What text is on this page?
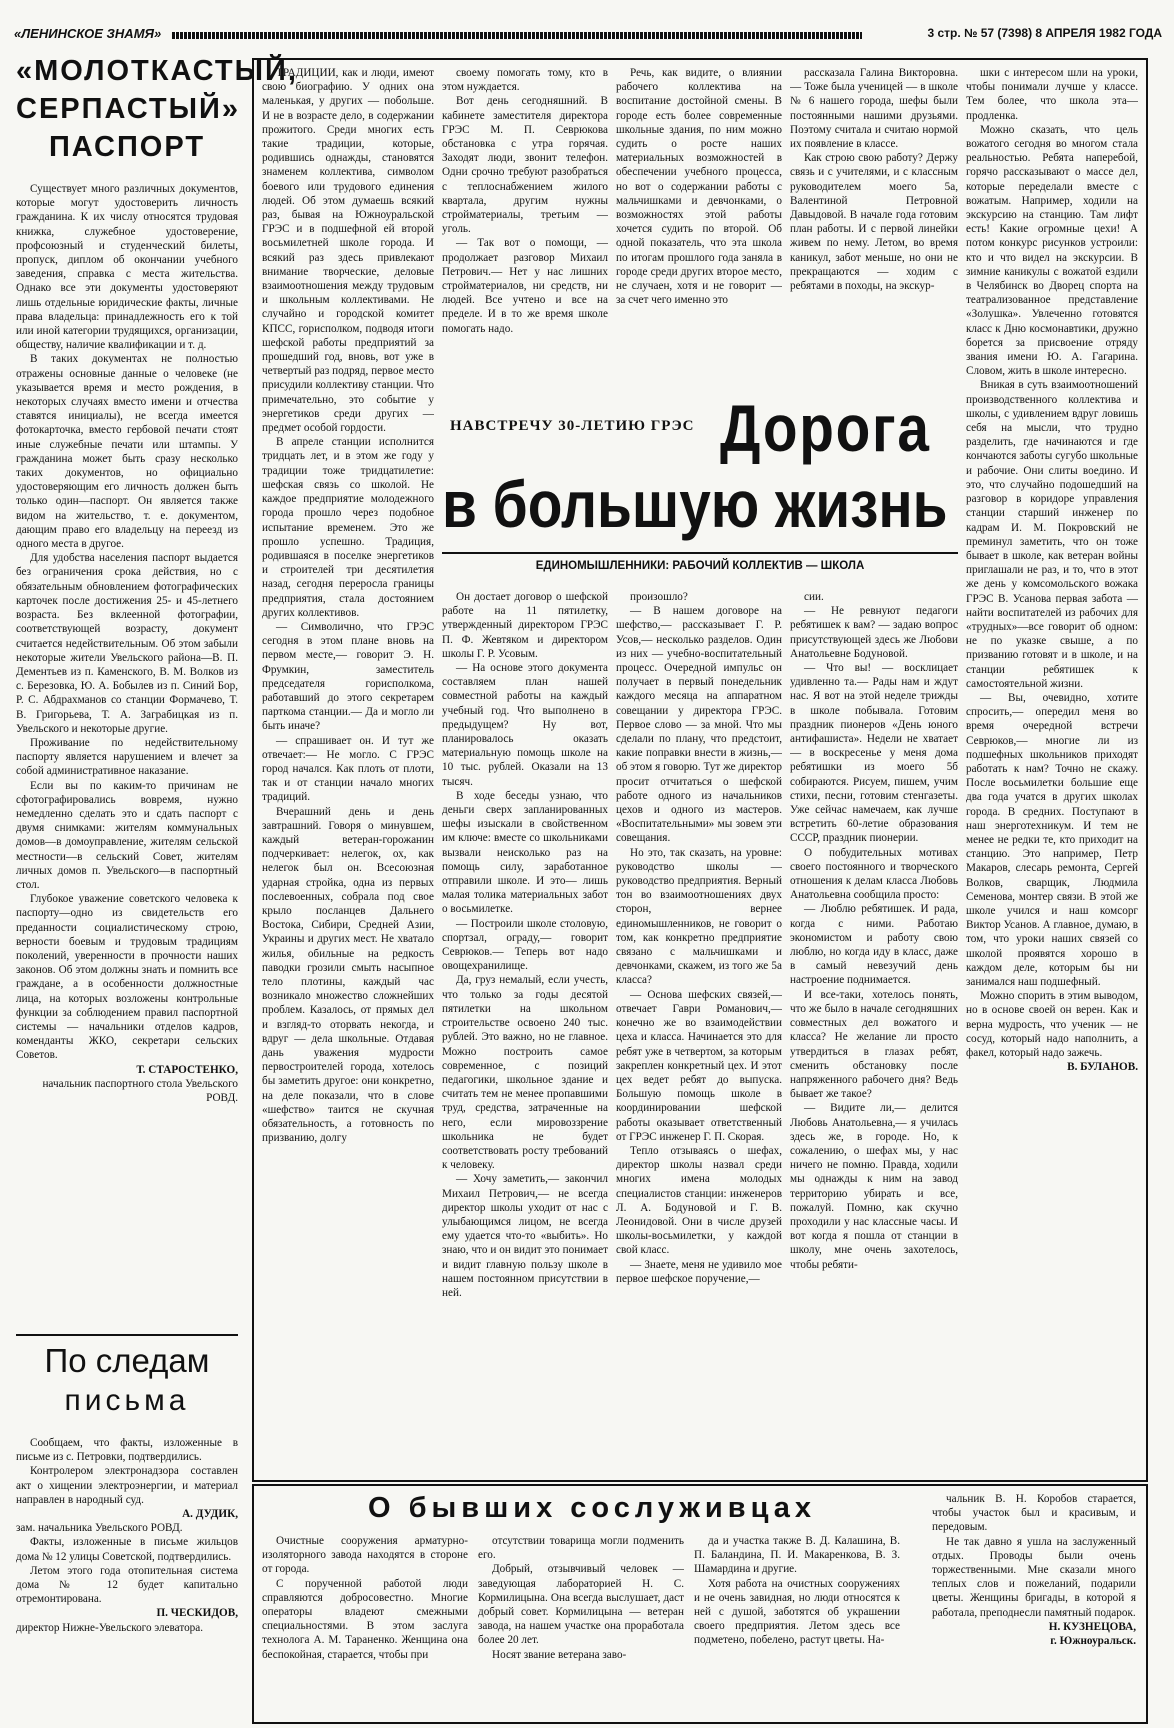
«ЛЕНИНСКОЕ ЗНАМЯ»	3 стр. № 57 (7398) 8 АПРЕЛЯ 1982 ГОДА
«МОЛОТКАСТЫЙ, СЕРПАСТЫЙ» ПАСПОРТ

Существует много различных документов, которые могут удостоверить личность гражданина. К их числу относятся трудовая книжка, служебное удостоверение, профсоюзный и студенческий билеты, пропуск, диплом об окончании учебного заведения, справка с места жительства. Однако все эти документы удостоверяют лишь отдельные юридические факты, личные права владельца: принадлежность его к той или иной категории трудящихся, организации, обществу, наличие квалификации и т. д.

В таких документах не полностью отражены основные данные о человеке (не указывается время и место рождения, в некоторых случаях вместо имени и отчества ставятся инициалы), не всегда имеется фотокарточка, вместо гербовой печати стоят иные служебные печати или штампы. У гражданина может быть сразу несколько таких документов, но официально удостоверяющим его личность должен быть только один—паспорт. Он является также видом на жительство, т. е. документом, дающим право его владельцу на переезд из одного места в другое.

Для удобства населения паспорт выдается без ограничения срока действия, но с обязательным обновлением фотографических карточек после достижения 25- и 45-летнего возраста. Без вклеенной фотографии, соответствующей возрасту, документ считается недействительным. Об этом забыли некоторые жители Увельского района—В. П. Дементьев из п. Каменского, В. М. Волков из с. Березовка, Ю. А. Бобылев из п. Синий Бор, Р. С. Абдрахманов со станции Формачево, Т. В. Григорьева, Т. А. Заграбицкая из п. Увельского и некоторые другие.

Проживание по недействительному паспорту является нарушением и влечет за собой административное наказание.

Если вы по каким-то причинам не сфотографировались вовремя, нужно немедленно сделать это и сдать паспорт с двумя снимками: жителям коммунальных домов—в домоуправление, жителям сельской местности—в сельский Совет, жителям личных домов п. Увельского—в паспортный стол.

Глубокое уважение советского человека к паспорту—одно из свидетельств его преданности социалистическому строю, верности боевым и трудовым традициям поколений, уверенности в прочности наших законов. Об этом должны знать и помнить все граждане, а в особенности должностные лица, на которых возложены контрольные функции за соблюдением правил паспортной системы — начальники отделов кадров, коменданты ЖКО, секретари сельских Советов.

Т. СТАРОСТЕНКО,

начальник паспортного стола Увельского РОВД.

По следам
письма

Сообщаем, что факты, изложенные в письме из с. Петровки, подтвердились.

Контролером электронадзора составлен акт о хищении электроэнергии, и материал направлен в народный суд.

А. ДУДИК,

зам. начальника Увельского РОВД.

Факты, изложенные в письме жильцов дома № 12 улицы Советской, подтвердились.

Летом этого года отопительная система дома № 12 будет капитально отремонтирована.

П. ЧЕСКИДОВ,

директор Нижне-Увельского элеватора.

ТРАДИЦИИ, как и люди, имеют свою биографию. У одних она маленькая, у других — побольше. И не в возрасте дело, в содержании прожитого. Среди многих есть такие традиции, которые, родившись однажды, становятся знаменем коллектива, символом боевого или трудового единения людей. Об этом думаешь всякий раз, бывая на Южноуральской ГРЭС и в подшефной ей второй восьмилетней школе города. И всякий раз здесь привлекают внимание творческие, деловые взаимоотношения между трудовым и школьным коллективами. Не случайно и городской комитет КПСС, горисполком, подводя итоги шефской работы предприятий за прошедший год, вновь, вот уже в четвертый раз подряд, первое место присудили коллективу станции. Что примечательно, это событие у энергетиков среди других — предмет особой гордости.

В апреле станции исполнится тридцать лет, и в этом же году у традиции тоже тридцатилетие: шефская связь со школой. Не каждое предприятие молодежного города прошло через подобное испытание временем. Это же прошло успешно. Традиция, родившаяся в поселке энергетиков и строителей три десятилетия назад, сегодня переросла границы предприятия, стала достоянием других коллективов.

— Символично, что ГРЭС сегодня в этом плане вновь на первом месте,— говорит Э. Н. Фрумкин, заместитель председателя горисполкома, работавший до этого секретарем парткома станции.— Да и могло ли быть иначе?

— спрашивает он. И тут же отвечает:— Не могло. С ГРЭС город начался. Как плоть от плоти, так и от станции начало многих традиций.

Вчерашний день и день завтрашний. Говоря о минувшем, каждый ветеран-горожанин подчеркивает: нелегок, ох, как нелегок был он. Всесоюзная ударная стройка, одна из первых послевоенных, собрала под свое крыло посланцев Дальнего Востока, Сибири, Средней Азии, Украины и других мест. Не хватало жилья, обильные на редкость паводки грозили смыть насыпное тело плотины, каждый час возникало множество сложнейших проблем. Казалось, от прямых дел и взгляд-то оторвать некогда, и вдруг — дела школьные. Отдавая дань уважения мудрости первостроителей города, хотелось бы заметить другое: они конкретно, на деле показали, что в слове «шефство» таится не скучная обязательность, а готовность по призванию, долгу

своему помогать тому, кто в этом нуждается.

Вот день сегодняшний. В кабинете заместителя директора ГРЭС М. П. Севрюкова обстановка с утра горячая. Заходят люди, звонит телефон. Одни срочно требуют разобраться с теплоснабжением жилого квартала, другим нужны стройматериалы, третьим — уголь.

— Так вот о помощи, — продолжает разговор Михаил Петрович.— Нет у нас лишних стройматериалов, ни средств, ни людей. Все учтено и все на пределе. И в то же время школе помогать надо.

Речь, как видите, о влиянии рабочего коллектива на воспитание достойной смены. В городе есть более современные школьные здания, по ним можно судить о росте наших материальных возможностей в обеспечении учебного процесса, но вот о содержании работы с мальчишками и девчонками, о возможностях этой работы хочется судить по второй. Об одной показатель, что эта школа по итогам прошлого года заняла в городе среди других второе место, не случаен, хотя и не говорит — за счет чего именно это

рассказала Галина Викторовна.— Тоже была ученицей — в школе № 6 нашего города, шефы были постоянными нашими друзьями. Поэтому считала и считаю нормой их появление в классе.

Как строю свою работу? Держу связь и с учителями, и с классным руководителем моего 5а, Валентиной Петровной Давыдовой. В начале года готовим план работы. И с первой линейки живем по нему. Летом, во время каникул, забот меньше, но они не прекращаются — ходим с ребятами в походы, на экскур-

шки с интересом шли на уроки, чтобы понимали лучше у классе. Тем более, что школа эта— продленка.

Можно сказать, что цель вожатого сегодня во многом стала реальностью. Ребята наперебой, горячо рассказывают о массе дел, которые переделали вместе с вожатым. Например, ходили на экскурсию на станцию. Там лифт есть! Какие огромные цехи! А потом конкурс рисунков устроили: кто и что видел на экскурсии. В зимние каникулы с вожатой ездили в Челябинск во Дворец спорта на театрализованное представление «Золушка». Увлеченно готовятся класс к Дню космонавтики, дружно борется за присвоение отряду звания имени Ю. А. Гагарина. Словом, жить в школе интересно.

Вникая в суть взаимоотношений производственного коллектива и школы, с удивлением вдруг ловишь себя на мысли, что трудно разделить, где начинаются и где кончаются заботы сугубо школьные и рабочие. Они слиты воедино. И это, что случайно подошедший на разговор в коридоре управления станции старший инженер по кадрам И. М. Покровский не преминул заметить, что он тоже бывает в школе, как ветеран войны приглашали не раз, и то, что в этот же день у комсомольского вожака ГРЭС В. Усанова первая забота —найти воспитателей из рабочих для «трудных»—все говорит об одном: не по указке свыше, а по призванию готовят и в школе, и на станции ребятишек к самостоятельной жизни.

— Вы, очевидно, хотите спросить,— опередил меня во время очередной встречи Севрюков,— многие ли из подшефных школьников приходят работать к нам? Точно не скажу. После восьмилетки большие еще два года учатся в других школах города. В средних. Поступают в наш энерготехникум. И тем не менее не редки те, кто приходит на станцию. Это например, Петр Макаров, слесарь ремонта, Сергей Волков, сварщик, Людмила Семенова, монтер связи. В этой же школе учился и наш комсорг Виктор Усанов. А главное, думаю, в том, что уроки наших связей со школой проявятся хорошо в каждом деле, которым бы ни занимался наш подшефный.

Можно спорить в этим выводом, но в основе своей он верен. Как и верна мудрость, что ученик — не сосуд, который надо наполнить, а факел, который надо зажечь.

В. БУЛАНОВ.

НАВСТРЕЧУ 30-ЛЕТИЮ ГРЭС Дорога
в большую жизнь
ЕДИНОМЫШЛЕННИКИ: РАБОЧИЙ КОЛЛЕКТИВ — ШКОЛА

Он достает договор о шефской работе на 11 пятилетку, утвержденный директором ГРЭС П. Ф. Жевтяком и директором школы Г. Р. Усовым.

— На основе этого документа составляем план нашей совместной работы на каждый учебный год. Что выполнено в предыдущем? Ну вот, планировалось оказать материальную помощь школе на 10 тыс. рублей. Оказали на 13 тысяч.

В ходе беседы узнаю, что деньги сверх запланированных шефы изыскали в свойственном им ключе: вместе со школьниками вызвали неисколько раз на помощь силу, заработанное отправили школе. И это— лишь малая толика материальных забот о восьмилетке.

— Построили школе столовую, спортзал, ограду,— говорит Севрюков.— Теперь вот надо овощехранилище.

Да, груз немалый, если учесть, что только за годы десятой пятилетки на школьном строительстве освоено 240 тыс. рублей. Это важно, но не главное. Можно построить самое современное, с позиций педагогики, школьное здание и считать тем не менее пропавшими труд, средства, затраченные на него, если мировоззрение школьника не будет соответствовать росту требований к человеку.

— Хочу заметить,— закончил Михаил Петрович,— не всегда директор школы уходит от нас с улыбающимся лицом, не всегда ему удается что-то «выбить». Но знаю, что и он видит это понимает и видит главную пользу школе в нашем постоянном присутствии в ней.

произошло?

— В нашем договоре на шефство,— рассказывает Г. Р. Усов,— несколько разделов. Один из них — учебно-воспитательный процесс. Очередной импульс он получает в первый понедельник каждого месяца на аппаратном совещании у директора ГРЭС. Первое слово — за мной. Что мы сделали по плану, что предстоит, какие поправки внести в жизнь,— об этом я говорю. Тут же директор просит отчитаться о шефской работе одного из начальников цехов и одного из мастеров. «Воспитательными» мы зовем эти совещания.

Но это, так сказать, на уровне: руководство школы — руководство предприятия. Верный тон во взаимоотношениях двух сторон, вернее единомышленников, не говорит о том, как конкретно предприятие связано с мальчишками и девчонками, скажем, из того же 5а класса?

— Основа шефских связей,— отвечает Гаври Романович,— конечно же во взаимодействии цеха и класса. Начинается это для ребят уже в четвертом, за которым закреплен конкретный цех. И этот цех ведет ребят до выпуска. Большую помощь школе в координировании шефской работы оказывает ответственный от ГРЭС инженер Г. П. Скорая.

Тепло отзываясь о шефах, директор школы назвал среди многих имена молодых специалистов станции: инженеров Л. А. Бодуновой и Г. В. Леонидовой. Они в числе друзей школы-восьмилетки, у каждой свой класс.

— Знаете, меня не удивило мое первое шефское поручение,—

сии.

— Не ревнуют педагоги ребятишек к вам? — задаю вопрос присутствующей здесь же Любови Анатольевне Бодуновой.

— Что вы! — восклицает удивленно та.— Рады нам и ждут нас. Я вот на этой неделе трижды в школе побывала. Готовим праздник пионеров «День юного антифашиста». Недели не хватает — в воскресенье у меня дома ребятишки из моего 5б собираются. Рисуем, пишем, учим стихи, песни, готовим стенгазеты. Уже сейчас намечаем, как лучше встретить 60-летие образования СССР, праздник пионерии.

О побудительных мотивах своего постоянного и творческого отношения к делам класса Любовь Анатольевна сообщила просто:

— Люблю ребятишек. И рада, когда с ними. Работаю экономистом и работу свою люблю, но когда иду в класс, даже в самый невезучий день настроение поднимается.

И все-таки, хотелось понять, что же было в начале сегодняшних совместных дел вожатого и класса? Не желание ли просто утвердиться в глазах ребят, сменить обстановку после напряженного рабочего дня? Ведь бывает же такое?

— Видите ли,— делится Любовь Анатольевна,— я училась здесь же, в городе. Но, к сожалению, о шефах мы, у нас ничего не помню. Правда, ходили мы однажды к ним на завод территорию убирать и все, пожалуй. Помню, как скучно проходили у нас классные часы. И вот когда я пошла от станции в школу, мне очень захотелось, чтобы ребяти-

О бывших сослуживцах

Очистные сооружения арматурно-изоляторного завода находятся в стороне от города.

С порученной работой люди справляются добросовестно. Многие операторы владеют смежными специальностями. В этом заслуга технолога А. М. Тараненко. Женщина она беспокойная, старается, чтобы при

отсутствии товарища могли подменить его.

Добрый, отзывчивый человек — заведующая лабораторией Н. С. Кормилицына. Она всегда выслушает, даст добрый совет. Кормилицына — ветеран завода, на нашем участке она проработала более 20 лет.

Носят звание ветерана заво-

да и участка также В. Д. Калашина, В. П. Баландина, П. И. Макаренкова, В. З. Шамардина и другие.

Хотя работа на очистных сооружениях и не очень завидная, но люди относятся к ней с душой, заботятся об украшении своего предприятия. Летом здесь все подметено, побелено, растут цветы. На-

чальник В. Н. Коробов старается, чтобы участок был и красивым, и передовым.

Не так давно я ушла на заслуженный отдых. Проводы были очень торжественными. Мне сказали много теплых слов и пожеланий, подарили цветы. Женщины бригады, в которой я работала, преподнесли памятный подарок.

Н. КУЗНЕЦОВА,

г. Южноуральск.
